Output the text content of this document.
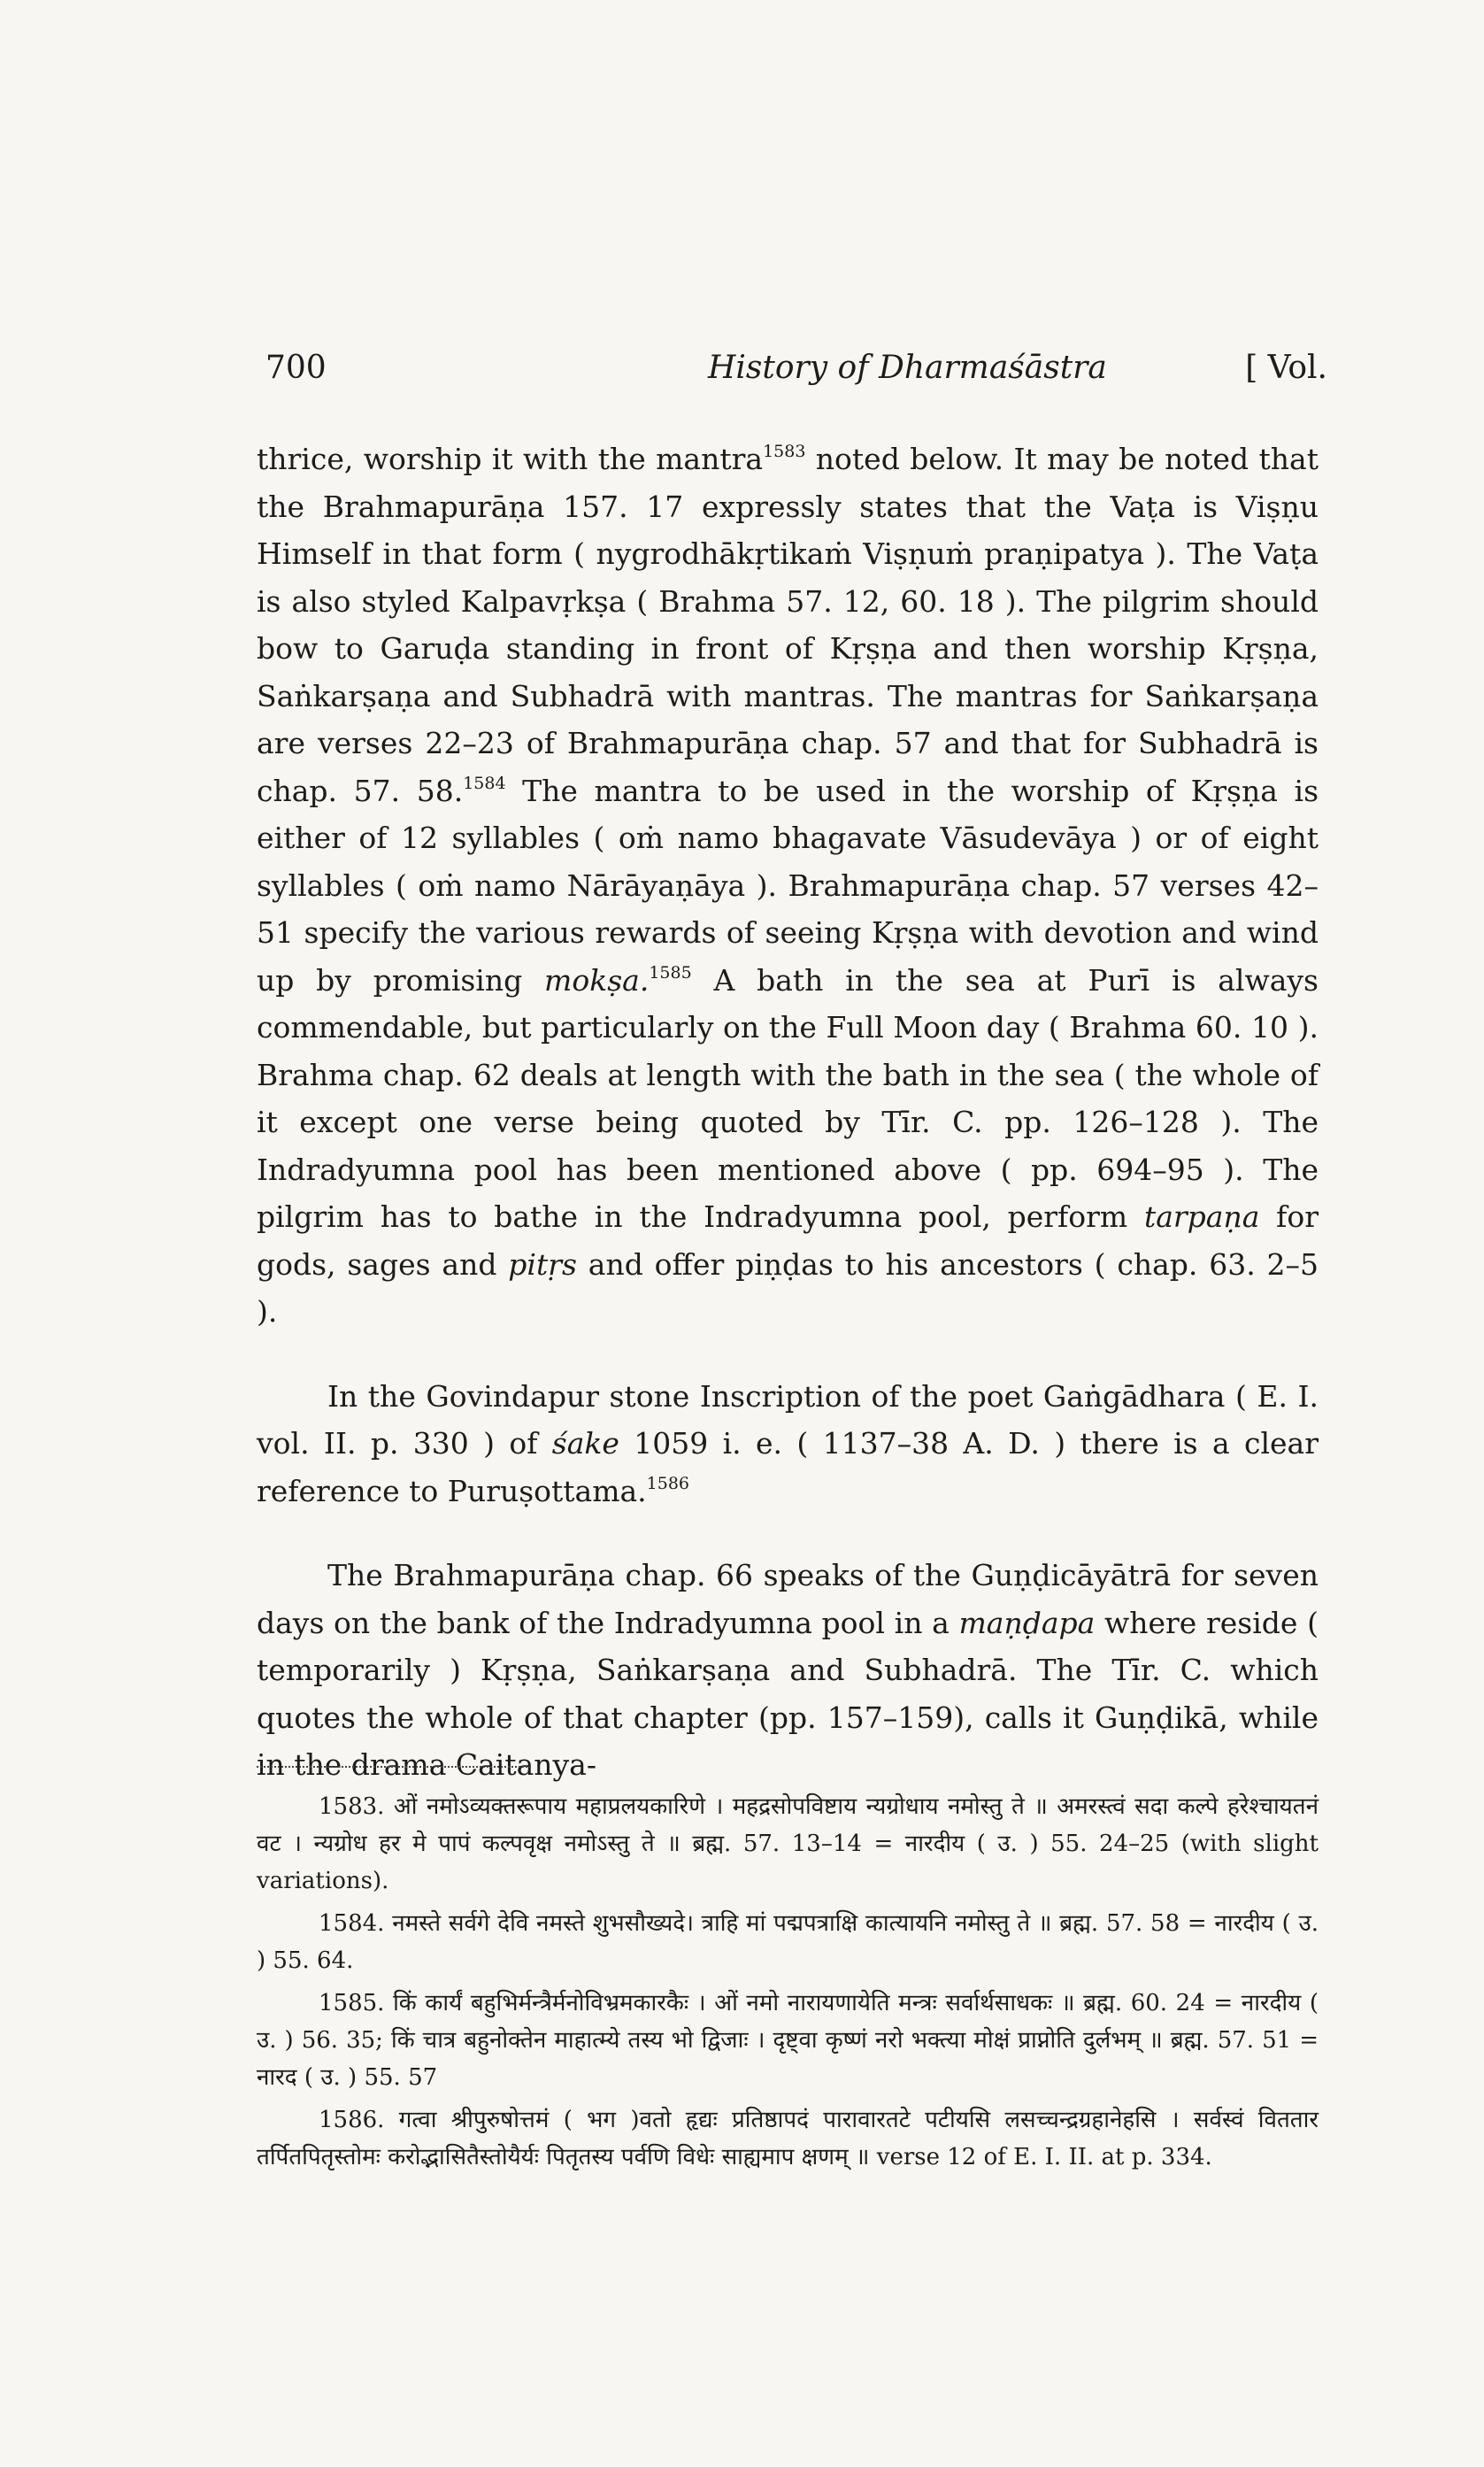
700	History of Dharmaśāstra	[ Vol.

thrice, worship it with the mantra$^{1583}$ noted below. It may be noted that the Brahmapurāṇa 157. 17 expressly states that the Vaṭa is Viṣṇu Himself in that form ( nygrodhākṛtikaṁ Viṣṇuṁ praṇipatya ). The Vaṭa is also styled Kalpavṛkṣa ( Brahma 57. 12, 60. 18 ). The pilgrim should bow to Garuḍa standing in front of Kṛṣṇa and then worship Kṛṣṇa, Saṅkarṣaṇa and Subhadrā with mantras. The mantras for Saṅkarṣaṇa are verses 22–23 of Brahmapurāṇa chap. 57 and that for Subhadrā is chap. 57. 58.$^{1584}$ The mantra to be used in the worship of Kṛṣṇa is either of 12 syllables ( oṁ namo bhagavate Vāsudevāya ) or of eight syllables ( oṁ namo Nārāyaṇāya ). Brahmapurāṇa chap. 57 verses 42–51 specify the various rewards of seeing Kṛṣṇa with devotion and wind up by promising mokṣa.$^{1585}$ A bath in the sea at Purī is always commendable, but particularly on the Full Moon day ( Brahma 60. 10 ). Brahma chap. 62 deals at length with the bath in the sea ( the whole of it except one verse being quoted by Tīr. C. pp. 126–128 ). The Indradyumna pool has been mentioned above ( pp. 694–95 ). The pilgrim has to bathe in the Indradyumna pool, perform tarpaṇa for gods, sages and pitṛs and offer piṇḍas to his ancestors ( chap. 63. 2–5 ).

In the Govindapur stone Inscription of the poet Gaṅgādhara ( E. I. vol. II. p. 330 ) of śake 1059 i. e. ( 1137–38 A. D. ) there is a clear reference to Puruṣottama.$^{1586}$

The Brahmapurāṇa chap. 66 speaks of the Guṇḍicāyātrā for seven days on the bank of the Indradyumna pool in a maṇḍapa where reside ( temporarily ) Kṛṣṇa, Saṅkarṣaṇa and Subhadrā. The Tīr. C. which quotes the whole of that chapter (pp. 157–159), calls it Guṇḍikā, while in the drama Caitanya-

1583. ओं नमोऽव्यक्तरूपाय महाप्रलयकारिणे । महद्रसोपविष्टाय न्यग्रोधाय नमोस्तु ते ॥ अमरस्त्वं सदा कल्पे हरेश्चायतनं वट । न्यग्रोध हर मे पापं कल्पवृक्ष नमोऽस्तु ते ॥ ब्रह्म. 57. 13–14 = नारदीय ( उ. ) 55. 24–25 (with slight variations).

1584. नमस्ते सर्वगे देवि नमस्ते शुभसौख्यदे। त्राहि मां पद्मपत्राक्षि कात्यायनि नमोस्तु ते ॥ ब्रह्म. 57. 58 = नारदीय ( उ. ) 55. 64.

1585. किं कार्यं बहुभिर्मन्त्रैर्मनोविभ्रमकारकैः । ओं नमो नारायणायेति मन्त्रः सर्वार्थसाधकः ॥ ब्रह्म. 60. 24 = नारदीय ( उ. ) 56. 35; किं चात्र बहुनोक्तेन माहात्म्ये तस्य भो द्विजाः । दृष्ट्वा कृष्णं नरो भक्त्या मोक्षं प्राप्नोति दुर्लभम् ॥ ब्रह्म. 57. 51 = नारद ( उ. ) 55. 57

1586. गत्वा श्रीपुरुषोत्तमं ( भग )वतो हृद्यः प्रतिष्ठापदं पारावारतटे पटीयसि लसच्चन्द्रग्रहानेहसि । सर्वस्वं विततार तर्पितपितृस्तोमः करोद्भासितैस्तोयैर्यः पितृतस्य पर्वणि विधेः साह्यमाप क्षणम् ॥ verse 12 of E. I. II. at p. 334.
